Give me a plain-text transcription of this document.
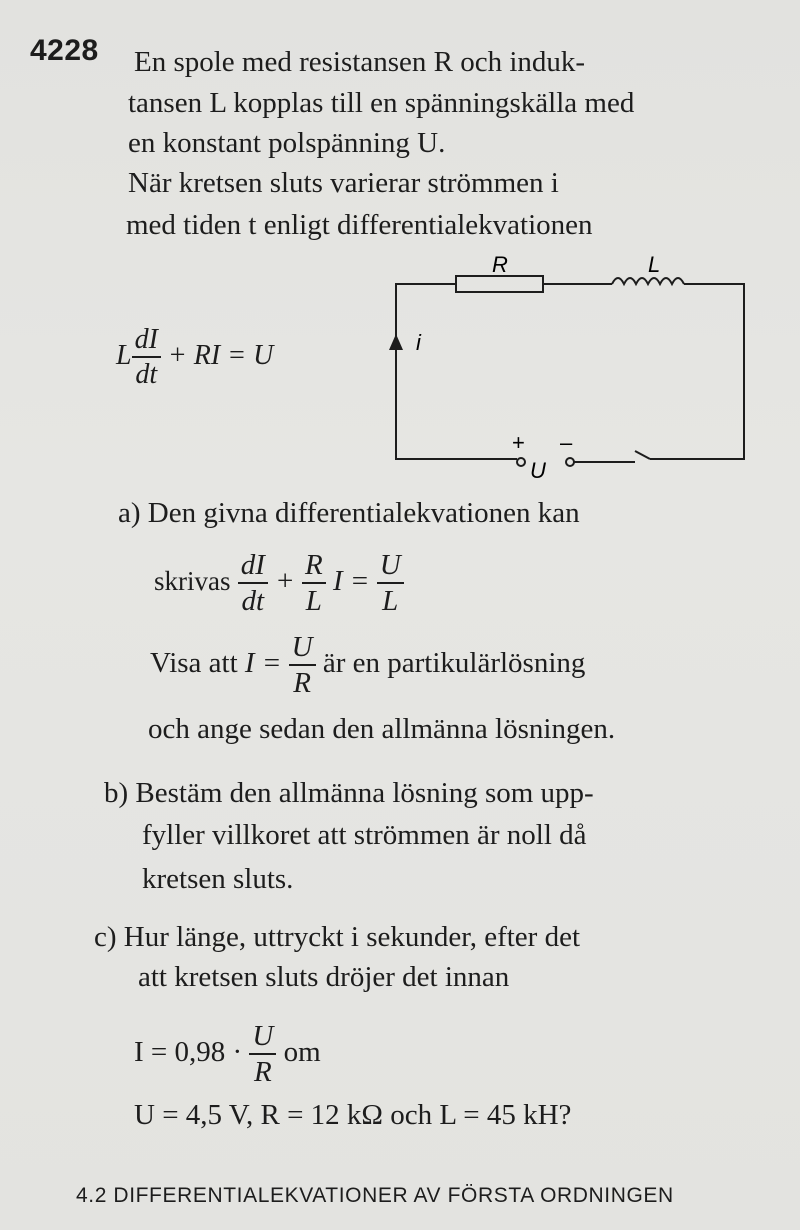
4228 En spole med resistansen R och induk-
tansen L kopplas till en spänningskälla med
en konstant polspänning U.
När kretsen sluts varierar strömmen i
med tiden t enligt differentialekvationen
L $\frac{dI}{dt}$ + RI = U
R	L
i
+ –
U
a) Den givna differentialekvationen kan
skrivas $\frac{dI}{dt} + \frac{R}{L}$ $I = \frac{U}{L}$
Visa att $I = \frac{U}{R}$ är en partikulärlösning
och ange sedan den allmänna lösningen.
b) Bestäm den allmänna lösning som upp-
fyller villkoret att strömmen är noll då
kretsen sluts.
c) Hur länge, uttryckt i sekunder, efter det
att kretsen sluts dröjer det innan
$I = 0,98 \cdot \frac{U}{R}$ om
U = 4,5 V, R = 12 kΩ och L = 45 kH?
4.2 DIFFERENTIALEKVATIONER AV FÖRSTA ORDNINGEN
